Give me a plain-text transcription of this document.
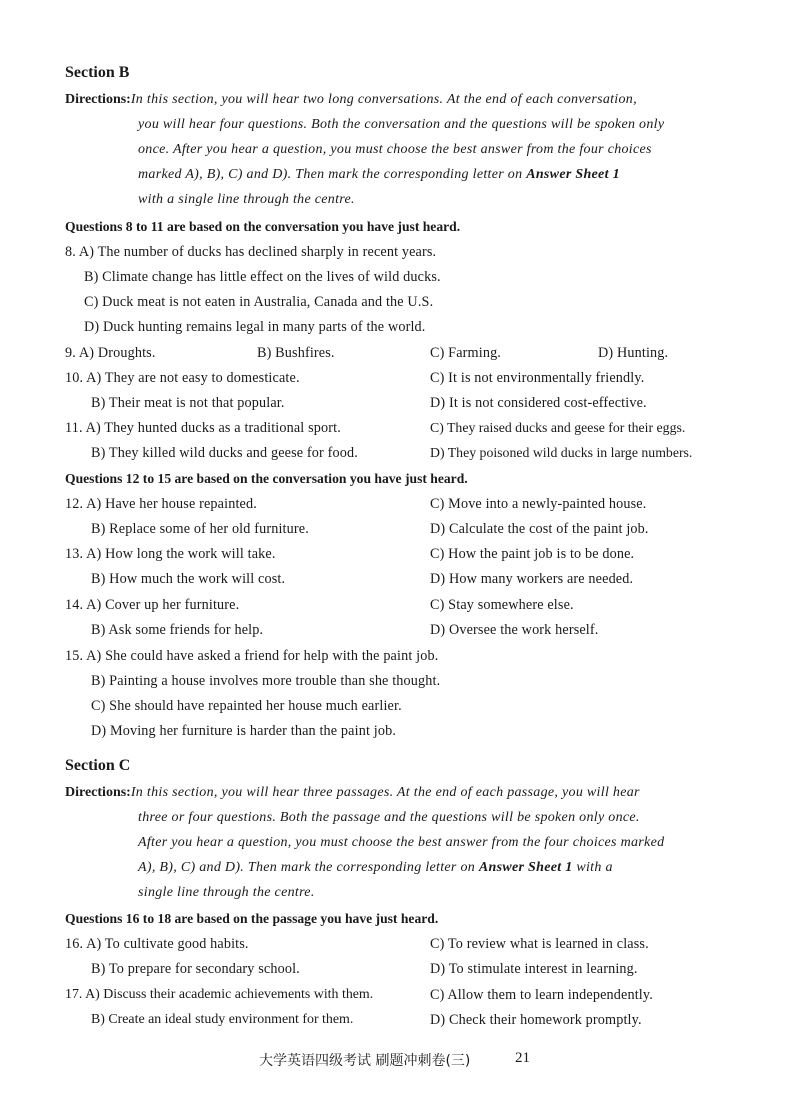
Section B
Directions:In this section, you will hear two long conversations. At the end of each conversation,
you will hear four questions. Both the conversation and the questions will be spoken only
once. After you hear a question, you must choose the best answer from the four choices
marked A), B), C) and D). Then mark the corresponding letter on Answer Sheet 1
with a single line through the centre.
Questions 8 to 11 are based on the conversation you have just heard.
8. A) The number of ducks has declined sharply in recent years.
B) Climate change has little effect on the lives of wild ducks.
C) Duck meat is not eaten in Australia, Canada and the U.S.
D) Duck hunting remains legal in many parts of the world.
9. A) Droughts.	B) Bushfires.	C) Farming.	D) Hunting.
10. A) They are not easy to domesticate.	C) It is not environmentally friendly.
B) Their meat is not that popular.	D) It is not considered cost-effective.
11. A) They hunted ducks as a traditional sport.	C) They raised ducks and geese for their eggs.
B) They killed wild ducks and geese for food.	D) They poisoned wild ducks in large numbers.
Questions 12 to 15 are based on the conversation you have just heard.
12. A) Have her house repainted.	C) Move into a newly-painted house.
B) Replace some of her old furniture.	D) Calculate the cost of the paint job.
13. A) How long the work will take.	C) How the paint job is to be done.
B) How much the work will cost.	D) How many workers are needed.
14. A) Cover up her furniture.	C) Stay somewhere else.
B) Ask some friends for help.	D) Oversee the work herself.
15. A) She could have asked a friend for help with the paint job.
B) Painting a house involves more trouble than she thought.
C) She should have repainted her house much earlier.
D) Moving her furniture is harder than the paint job.
Section C
Directions:In this section, you will hear three passages. At the end of each passage, you will hear
three or four questions. Both the passage and the questions will be spoken only once.
After you hear a question, you must choose the best answer from the four choices marked
A), B), C) and D). Then mark the corresponding letter on Answer Sheet 1 with a
single line through the centre.
Questions 16 to 18 are based on the passage you have just heard.
16. A) To cultivate good habits.	C) To review what is learned in class.
B) To prepare for secondary school.	D) To stimulate interest in learning.
17. A) Discuss their academic achievements with them.	C) Allow them to learn independently.
B) Create an ideal study environment for them.	D) Check their homework promptly.
大学英语四级考试 刷题冲刺卷(三)	21
